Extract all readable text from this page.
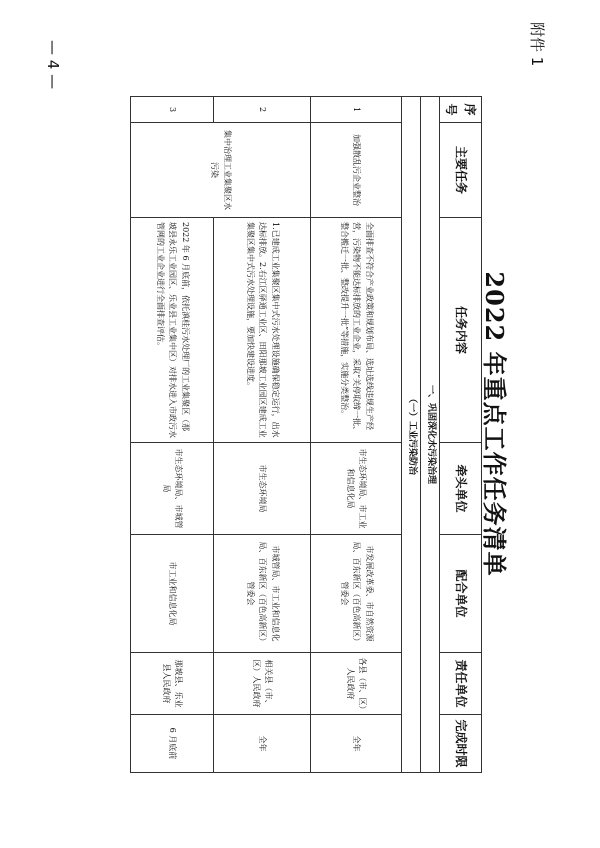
附件 1
2022 年重点工作任务清单
序号	主要任务	任务内容	牵头单位	配合单位	责任单位	完成时限
一、巩固深化水污染治理						
（一）工业污染防治						
1	加强散乱污企业整治	全面排查不符合产业政策和规划布局、选址选线违规生产经营，污染物不能达标排放的工业企业，采取“关停取缔一批、整合搬迁一批、整改提升一批”等措施，实施分类整治。	市生态环境局、市工业和信息化局	市发展改革委、市自然资源局、百东新区（百色高新区）管委会	各县（市、区）人民政府	全年
2	集中治理工业集聚区水污染	1.已建成工业集聚区集中式污水处理设施确保稳定运行，出水达标排放。2.右江区驿通工业区、田阳那坡工业园区建成工业集聚区集中式污水处理设施，要加快建设进度。	市生态环境局	市城管局、市工业和信息化局、百东新区（百色高新区）管委会	相关县（市、区）人民政府	全年
3		2022 年 6 月底前，依托滇桂污水处理厂的工业集聚区（那坡县永乐工业园区、乐业县工业集中区）对排水进入市政污水管网的工业企业进行全面排查评估。	市生态环境局、市城管局	市工业和信息化局	那坡县、乐业县人民政府	6 月底前
— 4 —
